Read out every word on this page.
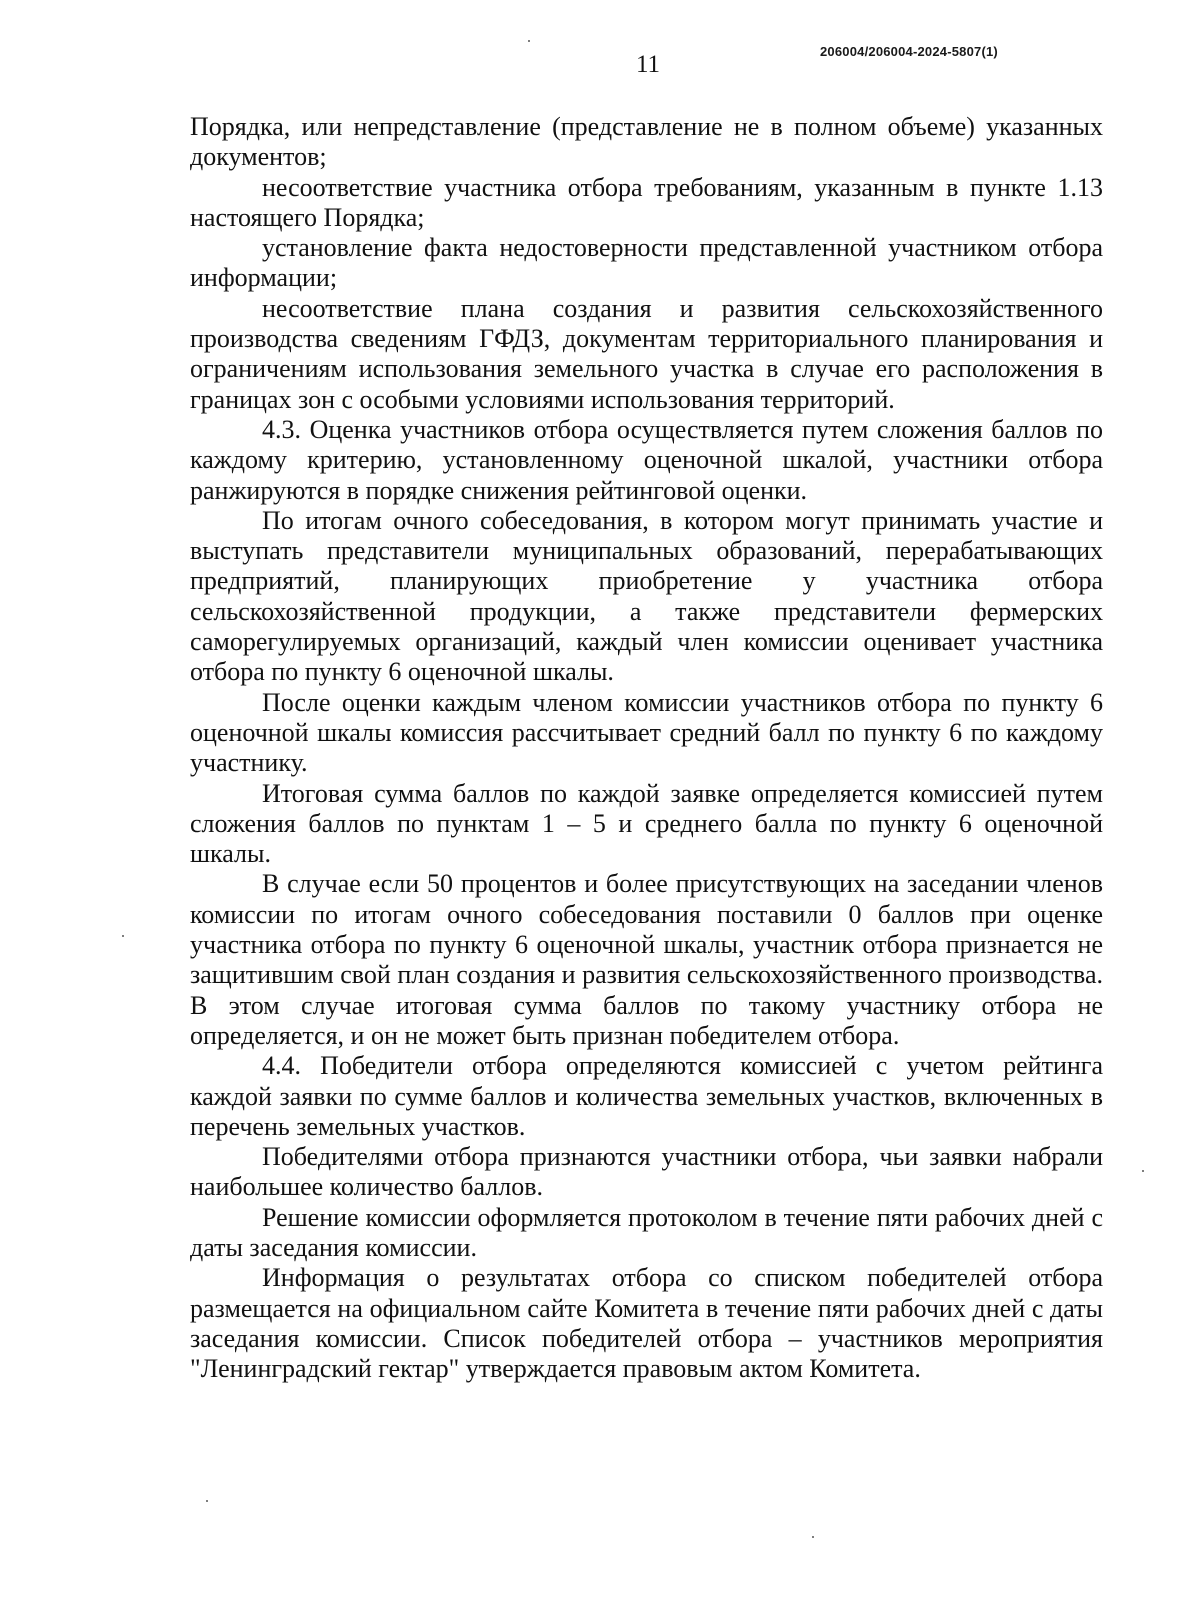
11	206004/206004-2024-5807(1)

Порядка, или непредставление (представление не в полном объеме) указанных документов;

несоответствие участника отбора требованиям, указанным в пункте 1.13 настоящего Порядка;

установление факта недостоверности представленной участником отбора информации;

несоответствие плана создания и развития сельскохозяйственного производства сведениям ГФДЗ, документам территориального планирования и ограничениям использования земельного участка в случае его расположения в границах зон с особыми условиями использования территорий.

4.3. Оценка участников отбора осуществляется путем сложения баллов по каждому критерию, установленному оценочной шкалой, участники отбора ранжируются в порядке снижения рейтинговой оценки.

По итогам очного собеседования, в котором могут принимать участие и выступать представители муниципальных образований, перерабатывающих предприятий, планирующих приобретение у участника отбора сельскохозяйственной продукции, а также представители фермерских саморегулируемых организаций, каждый член комиссии оценивает участника отбора по пункту 6 оценочной шкалы.

После оценки каждым членом комиссии участников отбора по пункту 6 оценочной шкалы комиссия рассчитывает средний балл по пункту 6 по каждому участнику.

Итоговая сумма баллов по каждой заявке определяется комиссией путем сложения баллов по пунктам 1 – 5 и среднего балла по пункту 6 оценочной шкалы.

В случае если 50 процентов и более присутствующих на заседании членов комиссии по итогам очного собеседования поставили 0 баллов при оценке участника отбора по пункту 6 оценочной шкалы, участник отбора признается не защитившим свой план создания и развития сельскохозяйственного производства. В этом случае итоговая сумма баллов по такому участнику отбора не определяется, и он не может быть признан победителем отбора.

4.4. Победители отбора определяются комиссией с учетом рейтинга каждой заявки по сумме баллов и количества земельных участков, включенных в перечень земельных участков.

Победителями отбора признаются участники отбора, чьи заявки набрали наибольшее количество баллов.

Решение комиссии оформляется протоколом в течение пяти рабочих дней с даты заседания комиссии.

Информация о результатах отбора со списком победителей отбора размещается на официальном сайте Комитета в течение пяти рабочих дней с даты заседания комиссии. Список победителей отбора – участников мероприятия "Ленинградский гектар" утверждается правовым актом Комитета.
